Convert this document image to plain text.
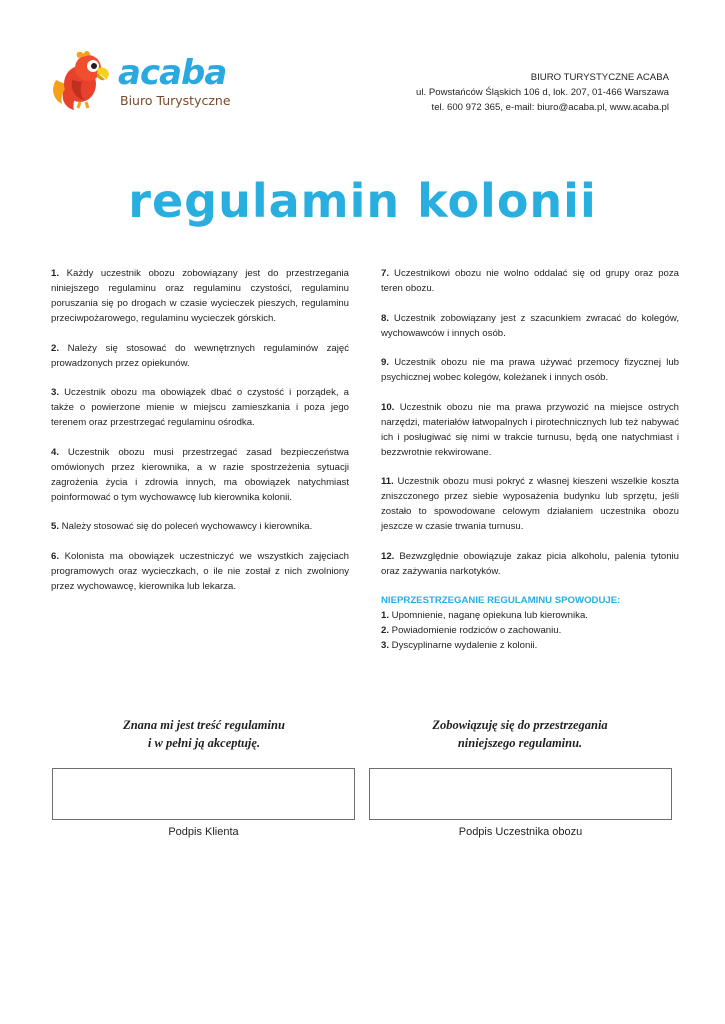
acaba
Biuro Turystyczne
BIURO TURYSTYCZNE ACABA
ul. Powstańców Śląskich 106 d, lok. 207, 01-466 Warszawa
tel. 600 972 365, e-mail: biuro@acaba.pl, www.acaba.pl
regulamin kolonii
1. Każdy uczestnik obozu zobowiązany jest do przestrzegania niniejszego regulaminu oraz regulaminu czystości, regulaminu poruszania się po drogach w czasie wycieczek pieszych, regulaminu przeciwpożarowego, regulaminu wycieczek górskich.
2. Należy się stosować do wewnętrznych regulaminów zajęć prowadzonych przez opiekunów.
3. Uczestnik obozu ma obowiązek dbać o czystość i porządek, a także o powierzone mienie w miejscu zamieszkania i poza jego terenem oraz przestrzegać regulaminu ośrodka.
4. Uczestnik obozu musi przestrzegać zasad bezpieczeństwa omówionych przez kierownika, a w razie spostrzeżenia sytuacji zagrożenia życia i zdrowia innych, ma obowiązek natychmiast poinformować o tym wychowawcę lub kierownika kolonii.
5. Należy stosować się do poleceń wychowawcy i kierownika.
6. Kolonista ma obowiązek uczestniczyć we wszystkich zajęciach programowych oraz wycieczkach, o ile nie został z nich zwolniony przez wychowawcę, kierownika lub lekarza.
7. Uczestnikowi obozu nie wolno oddalać się od grupy oraz poza teren obozu.
8. Uczestnik zobowiązany jest z szacunkiem zwracać do kolegów, wychowawców i innych osób.
9. Uczestnik obozu nie ma prawa używać przemocy fizycznej lub psychicznej wobec kolegów, koleżanek i innych osób.
10. Uczestnik obozu nie ma prawa przywozić na miejsce ostrych narzędzi, materiałów łatwopalnych i pirotechnicznych lub też nabywać ich i posługiwać się nimi w trakcie turnusu, będą one natychmiast i bezzwrotnie rekwirowane.
11. Uczestnik obozu musi pokryć z własnej kieszeni wszelkie koszta zniszczonego przez siebie wyposażenia budynku lub sprzętu, jeśli zostało to spowodowane celowym działaniem uczestnika obozu jeszcze w czasie trwania turnusu.
12. Bezwzględnie obowiązuje zakaz picia alkoholu, palenia tytoniu oraz zażywania narkotyków.
NIEPRZESTRZEGANIE REGULAMINU SPOWODUJE:
1. Upomnienie, naganę opiekuna lub kierownika.
2. Powiadomienie rodziców o zachowaniu.
3. Dyscyplinarne wydalenie z kolonii.
Znana mi jest treść regulaminu
i w pełni ją akceptuję.
Zobowiązuję się do przestrzegania
niniejszego regulaminu.
Podpis Klienta	Podpis Uczestnika obozu
